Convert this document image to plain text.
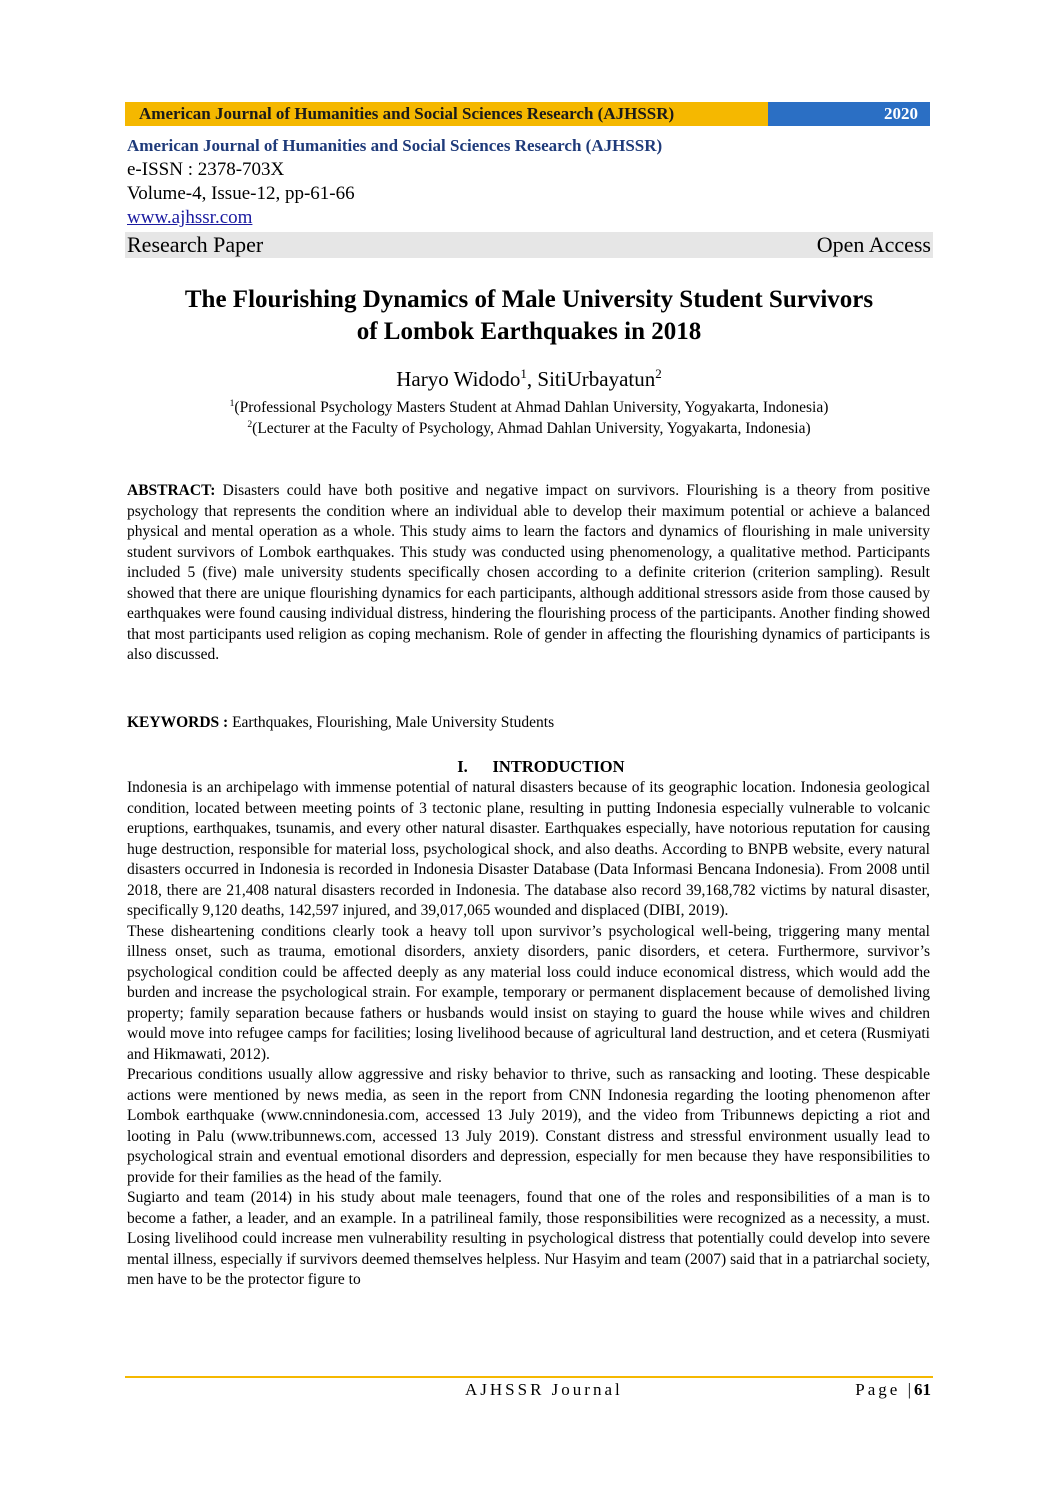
American Journal of Humanities and Social Sciences Research (AJHSSR)	2020
American Journal of Humanities and Social Sciences Research (AJHSSR)
e-ISSN : 2378-703X
Volume-4, Issue-12, pp-61-66
www.ajhssr.com
Research Paper	Open Access
The Flourishing Dynamics of Male University Student Survivors
of Lombok Earthquakes in 2018
Haryo Widodo$^1$, SitiUrbayatun$^2$
$^1$(Professional Psychology Masters Student at Ahmad Dahlan University, Yogyakarta, Indonesia)
$^2$(Lecturer at the Faculty of Psychology, Ahmad Dahlan University, Yogyakarta, Indonesia)

ABSTRACT: Disasters could have both positive and negative impact on survivors. Flourishing is a theory from positive psychology that represents the condition where an individual able to develop their maximum potential or achieve a balanced physical and mental operation as a whole. This study aims to learn the factors and dynamics of flourishing in male university student survivors of Lombok earthquakes. This study was conducted using phenomenology, a qualitative method. Participants included 5 (five) male university students specifically chosen according to a definite criterion (criterion sampling). Result showed that there are unique flourishing dynamics for each participants, although additional stressors aside from those caused by earthquakes were found causing individual distress, hindering the flourishing process of the participants. Another finding showed that most participants used religion as coping mechanism. Role of gender in affecting the flourishing dynamics of participants is also discussed.

KEYWORDS : Earthquakes, Flourishing, Male University Students
I. INTRODUCTION

Indonesia is an archipelago with immense potential of natural disasters because of its geographic location. Indonesia geological condition, located between meeting points of 3 tectonic plane, resulting in putting Indonesia especially vulnerable to volcanic eruptions, earthquakes, tsunamis, and every other natural disaster. Earthquakes especially, have notorious reputation for causing huge destruction, responsible for material loss, psychological shock, and also deaths. According to BNPB website, every natural disasters occurred in Indonesia is recorded in Indonesia Disaster Database (Data Informasi Bencana Indonesia). From 2008 until 2018, there are 21,408 natural disasters recorded in Indonesia. The database also record 39,168,782 victims by natural disaster, specifically 9,120 deaths, 142,597 injured, and 39,017,065 wounded and displaced (DIBI, 2019).

These disheartening conditions clearly took a heavy toll upon survivor’s psychological well-being, triggering many mental illness onset, such as trauma, emotional disorders, anxiety disorders, panic disorders, et cetera. Furthermore, survivor’s psychological condition could be affected deeply as any material loss could induce economical distress, which would add the burden and increase the psychological strain. For example, temporary or permanent displacement because of demolished living property; family separation because fathers or husbands would insist on staying to guard the house while wives and children would move into refugee camps for facilities; losing livelihood because of agricultural land destruction, and et cetera (Rusmiyati and Hikmawati, 2012).

Precarious conditions usually allow aggressive and risky behavior to thrive, such as ransacking and looting. These despicable actions were mentioned by news media, as seen in the report from CNN Indonesia regarding the looting phenomenon after Lombok earthquake (www.cnnindonesia.com, accessed 13 July 2019), and the video from Tribunnews depicting a riot and looting in Palu (www.tribunnews.com, accessed 13 July 2019). Constant distress and stressful environment usually lead to psychological strain and eventual emotional disorders and depression, especially for men because they have responsibilities to provide for their families as the head of the family.

Sugiarto and team (2014) in his study about male teenagers, found that one of the roles and responsibilities of a man is to become a father, a leader, and an example. In a patrilineal family, those responsibilities were recognized as a necessity, a must. Losing livelihood could increase men vulnerability resulting in psychological distress that potentially could develop into severe mental illness, especially if survivors deemed themselves helpless. Nur Hasyim and team (2007) said that in a patriarchal society, men have to be the protector figure to

AJHSSR Journal	Page |61
